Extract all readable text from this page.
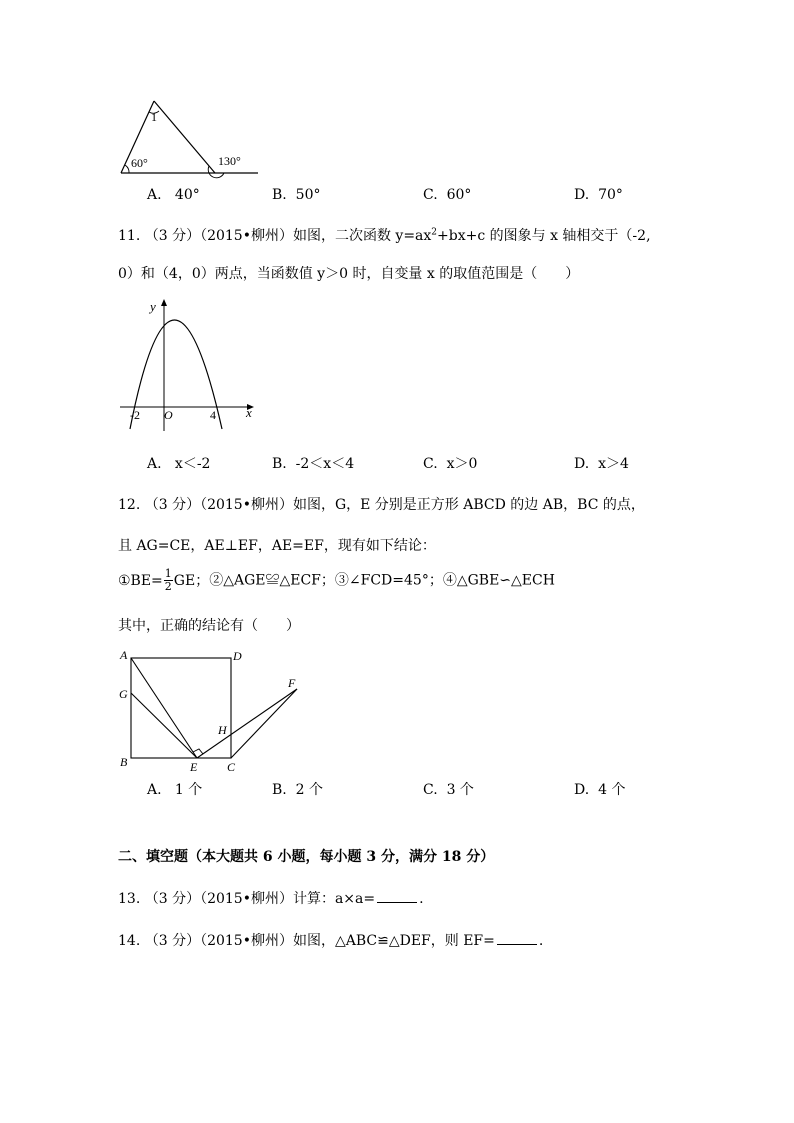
1
60°	130°
A. 40°	B. 50°	C. 60°	D. 70°
11. （3 分）（2015•柳州）如图，二次函数 $y=ax^2+bx+c$ 的图象与 x 轴相交于（-2,
0）和（4，0）两点，当函数值 y＞0 时，自变量 x 的取值范围是（　　）
y
x
-2 O	4
A. x＜-2	B. -2＜x＜4	C. x＞0	D. x＞4
12. （3 分）（2015•柳州）如图，G，E 分别是正方形 ABCD 的边 AB，BC 的点，
且 AG=CE，AE⊥EF，AE=EF，现有如下结论：
①BE= $\frac{1}{2}$ GE；②△AGE≌△ECF；③∠FCD=45°；④△GBE∽△ECH
其中，正确的结论有（　　）
A	D
G
F
H
B	E C
A. 1 个	B. 2 个	C. 3 个	D. 4 个
二、填空题（本大题共 6 小题，每小题 3 分，满分 18 分）
13. （3 分）（2015•柳州）计算：a×a=	.
14. （3 分）（2015•柳州）如图，△ABC≌△DEF，则 EF=	.
